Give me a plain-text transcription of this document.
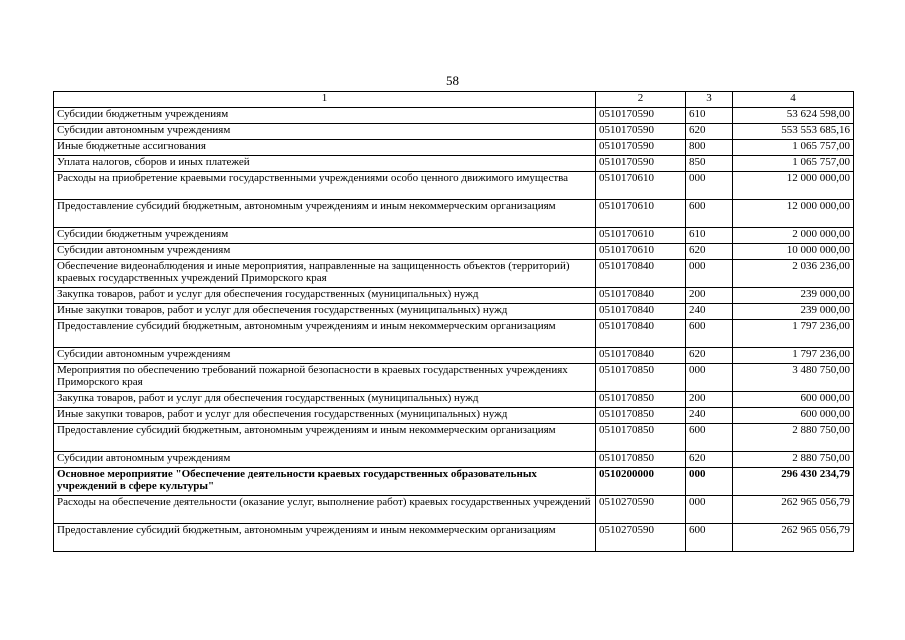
58
1	2	3	4
Субсидии бюджетным учреждениям	0510170590	610	53 624 598,00
Субсидии автономным учреждениям	0510170590	620	553 553 685,16
Иные бюджетные ассигнования	0510170590	800	1 065 757,00
Уплата налогов, сборов и иных платежей	0510170590	850	1 065 757,00
Расходы на приобретение краевыми государственными учреждениями особо ценного движимого имущества	0510170610	000	12 000 000,00
Предоставление субсидий бюджетным, автономным учреждениям и иным некоммерческим организациям	0510170610	600	12 000 000,00
Субсидии бюджетным учреждениям	0510170610	610	2 000 000,00
Субсидии автономным учреждениям	0510170610	620	10 000 000,00
Обеспечение видеонаблюдения и иные мероприятия, направленные на защищенность объектов (территорий) краевых государственных учреждений Приморского края	0510170840	000	2 036 236,00
Закупка товаров, работ и услуг для обеспечения государственных (муниципальных) нужд	0510170840	200	239 000,00
Иные закупки товаров, работ и услуг для обеспечения государственных (муниципальных) нужд	0510170840	240	239 000,00
Предоставление субсидий бюджетным, автономным учреждениям и иным некоммерческим организациям	0510170840	600	1 797 236,00
Субсидии автономным учреждениям	0510170840	620	1 797 236,00
Мероприятия по обеспечению требований пожарной безопасности в краевых государственных учреждениях Приморского края	0510170850	000	3 480 750,00
Закупка товаров, работ и услуг для обеспечения государственных (муниципальных) нужд	0510170850	200	600 000,00
Иные закупки товаров, работ и услуг для обеспечения государственных (муниципальных) нужд	0510170850	240	600 000,00
Предоставление субсидий бюджетным, автономным учреждениям и иным некоммерческим организациям	0510170850	600	2 880 750,00
Субсидии автономным учреждениям	0510170850	620	2 880 750,00
Основное мероприятие "Обеспечение деятельности краевых государственных образовательных учреждений в сфере культуры"	0510200000	000	296 430 234,79
Расходы на обеспечение деятельности (оказание услуг, выполнение работ) краевых государственных учреждений	0510270590	000	262 965 056,79
Предоставление субсидий бюджетным, автономным учреждениям и иным некоммерческим организациям	0510270590	600	262 965 056,79
